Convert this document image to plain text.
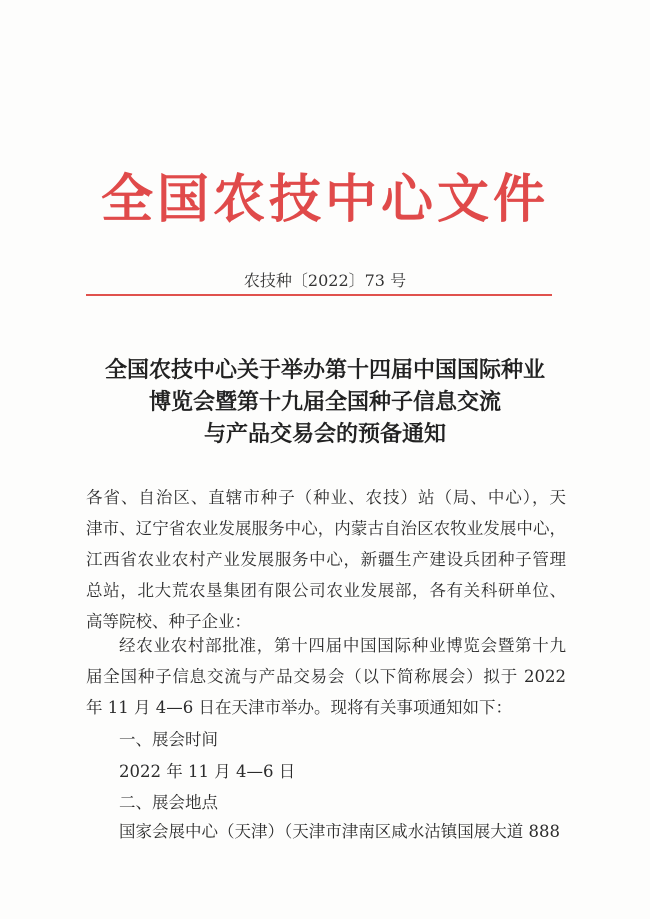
全国农技中心文件
农技种〔2022〕73 号
全国农技中心关于举办第十四届中国国际种业
博览会暨第十九届全国种子信息交流
与产品交易会的预备通知
各省、自治区、直辖市种子（种业、农技）站（局、中心），天
津市、辽宁省农业发展服务中心，内蒙古自治区农牧业发展中心，
江西省农业农村产业发展服务中心，新疆生产建设兵团种子管理
总站，北大荒农垦集团有限公司农业发展部，各有关科研单位、
高等院校、种子企业：
经农业农村部批准，第十四届中国国际种业博览会暨第十九
届全国种子信息交流与产品交易会（以下简称展会）拟于 2022
年 11 月 4—6 日在天津市举办。现将有关事项通知如下：
一、展会时间
2022 年 11 月 4—6 日
二、展会地点
国家会展中心（天津）（天津市津南区咸水沽镇国展大道 888
